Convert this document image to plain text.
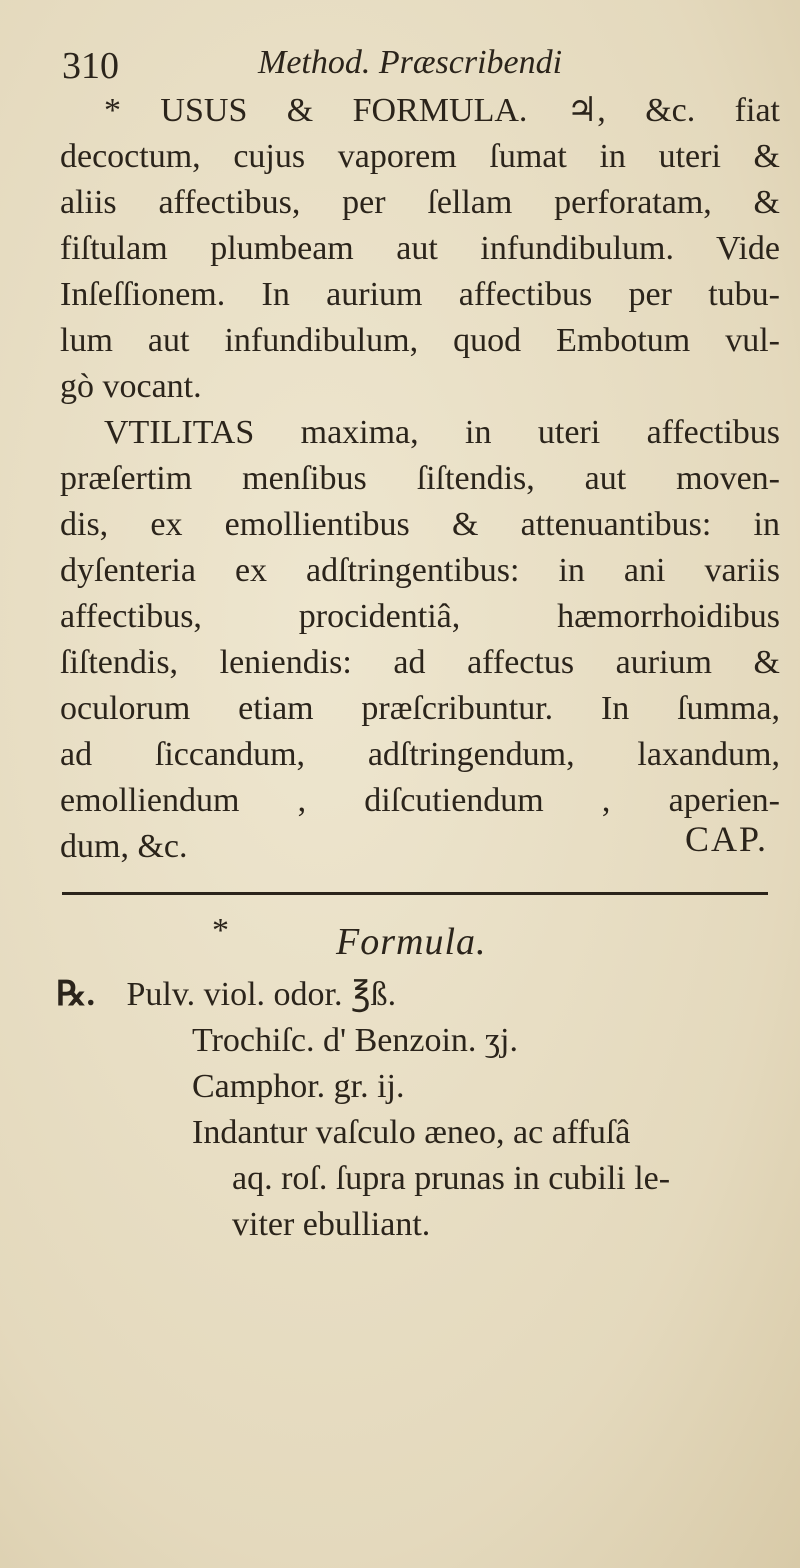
310	Method. Præscribendi
* USUS & FORMULA. ♃, &c. fiat
decoctum, cujus vaporem ſumat in uteri &
aliis affectibus, per ſellam perforatam, &
fiſtulam plumbeam aut infundibulum. Vide
Inſeſſionem. In aurium affectibus per tubu-
lum aut infundibulum, quod Embotum vul-
gò vocant.
VTILITAS maxima, in uteri affectibus
præſertim menſibus ſiſtendis, aut moven-
dis, ex emollientibus & attenuantibus: in
dyſenteria ex adſtringentibus: in ani variis
affectibus, procidentiâ, hæmorrhoidibus
ſiſtendis, leniendis: ad affectus aurium &
oculorum etiam præſcribuntur. In ſumma,
ad ſiccandum, adſtringendum, laxandum,
emolliendum , diſcutiendum , aperien-
dum, &c.	CAP.
*	Formula.
℞. Pulv. viol. odor. ℥ß.
Trochiſc. d' Benzoin. ʒj.
Camphor. gr. ij.
Indantur vaſculo æneo, ac affuſâ
aq. roſ. ſupra prunas in cubili le-
viter ebulliant.
